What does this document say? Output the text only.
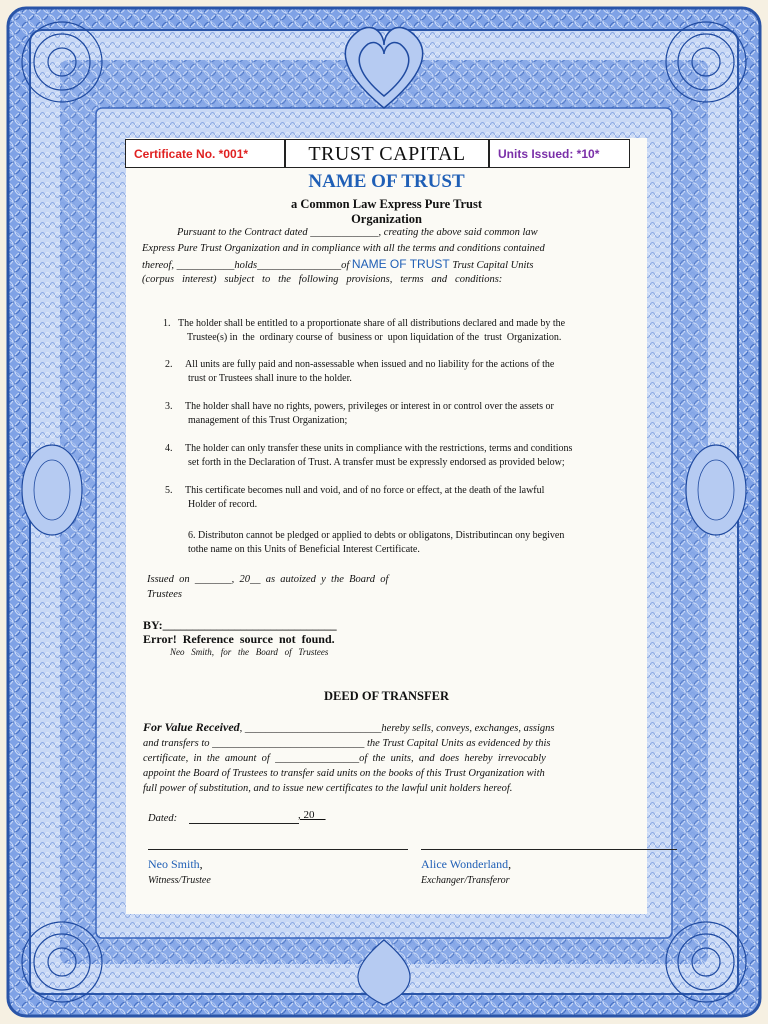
Certificate No. *001*	TRUST CAPITAL	Units Issued: *10*
NAME OF TRUST
a Common Law Express Pure Trust
Organization
Pursuant to the Contract dated _____________, creating the above said common law
Express Pure Trust Organization and in compliance with all the terms and conditions contained
thereof, ___________holds________________of NAME OF TRUST Trust Capital Units
(corpus   interest)   subject   to   the   following   provisions,   terms   and   conditions:
1. The holder shall be entitled to a proportionate share of all distributions declared and made by the
Trustee(s) in  the  ordinary course of  business or  upon liquidation of the  trust  Organization.
2. All units are fully paid and non-assessable when issued and no liability for the actions of the
trust or Trustees shall inure to the holder.
3. The holder shall have no rights, powers, privileges or interest in or control over the assets or
management of this Trust Organization;
4. The holder can only transfer these units in compliance with the restrictions, terms and conditions
set forth in the Declaration of Trust. A transfer must be expressly endorsed as provided below;
5. This certificate becomes null and void, and of no force or effect, at the death of the lawful
Holder of record.
6. Distributon cannot be pledged or applied to debts or obligatons, Distributincan ony begiven
tothe name on this Units of Beneficial Interest Certificate.
Issued  on  _______,  20__  as  autoized  y  the  Board  of
Trustees
BY:_____________________________
Error!  Reference  source  not  found.
Neo   Smith,   for   the   Board   of   Trustees
DEED OF TRANSFER
For Value Received, __________________________hereby sells, conveys, exchanges, assigns
and transfers to _____________________________ the Trust Capital Units as evidenced by this
certificate,  in  the  amount  of  ________________of  the  units,  and  does  hereby  irrevocably
appoint the Board of Trustees to transfer said units on the books of this Trust Organization with
full power of substitution, and to issue new certificates to the lawful unit holders hereof.
Dated:	, 20__
Neo Smith,
Witness/Trustee
Alice Wonderland,
Exchanger/Transferor
